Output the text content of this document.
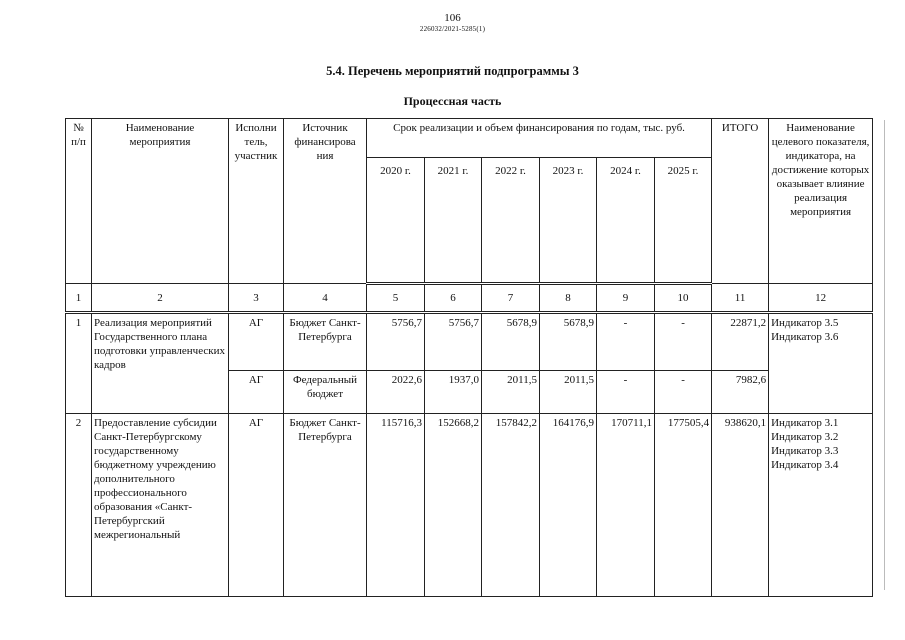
106
226032/2021-5285(1)
5.4. Перечень мероприятий подпрограммы 3
Процессная часть
№ п/п	Наименование мероприятия	Исполни тель, участник	Источник финансирова ния	Срок реализации и объем финансирования по годам, тыс. руб.						ИТОГО	Наименование целевого показателя, индикатора, на достижение которых оказывает влияние реализация мероприятия
				2020 г.	2021 г.	2022 г.	2023 г.	2024 г.	2025 г.		
1	2	3	4	5	6	7	8	9	10	11	12
1	Реализация мероприятий Государственного плана подготовки управленческих кадров	АГ	Бюджет Санкт-Петербурга	5756,7	5756,7	5678,9	5678,9	-	-	22871,2	Индикатор 3.5
Индикатор 3.6
		АГ	Федеральный бюджет	2022,6	1937,0	2011,5	2011,5	-	-	7982,6	
2	Предоставление субсидии Санкт-Петербургскому государственному бюджетному учреждению дополнительного профессионального образования «Санкт-Петербургский межрегиональный	АГ	Бюджет Санкт-Петербурга	115716,3	152668,2	157842,2	164176,9	170711,1	177505,4	938620,1	Индикатор 3.1
Индикатор 3.2
Индикатор 3.3
Индикатор 3.4
